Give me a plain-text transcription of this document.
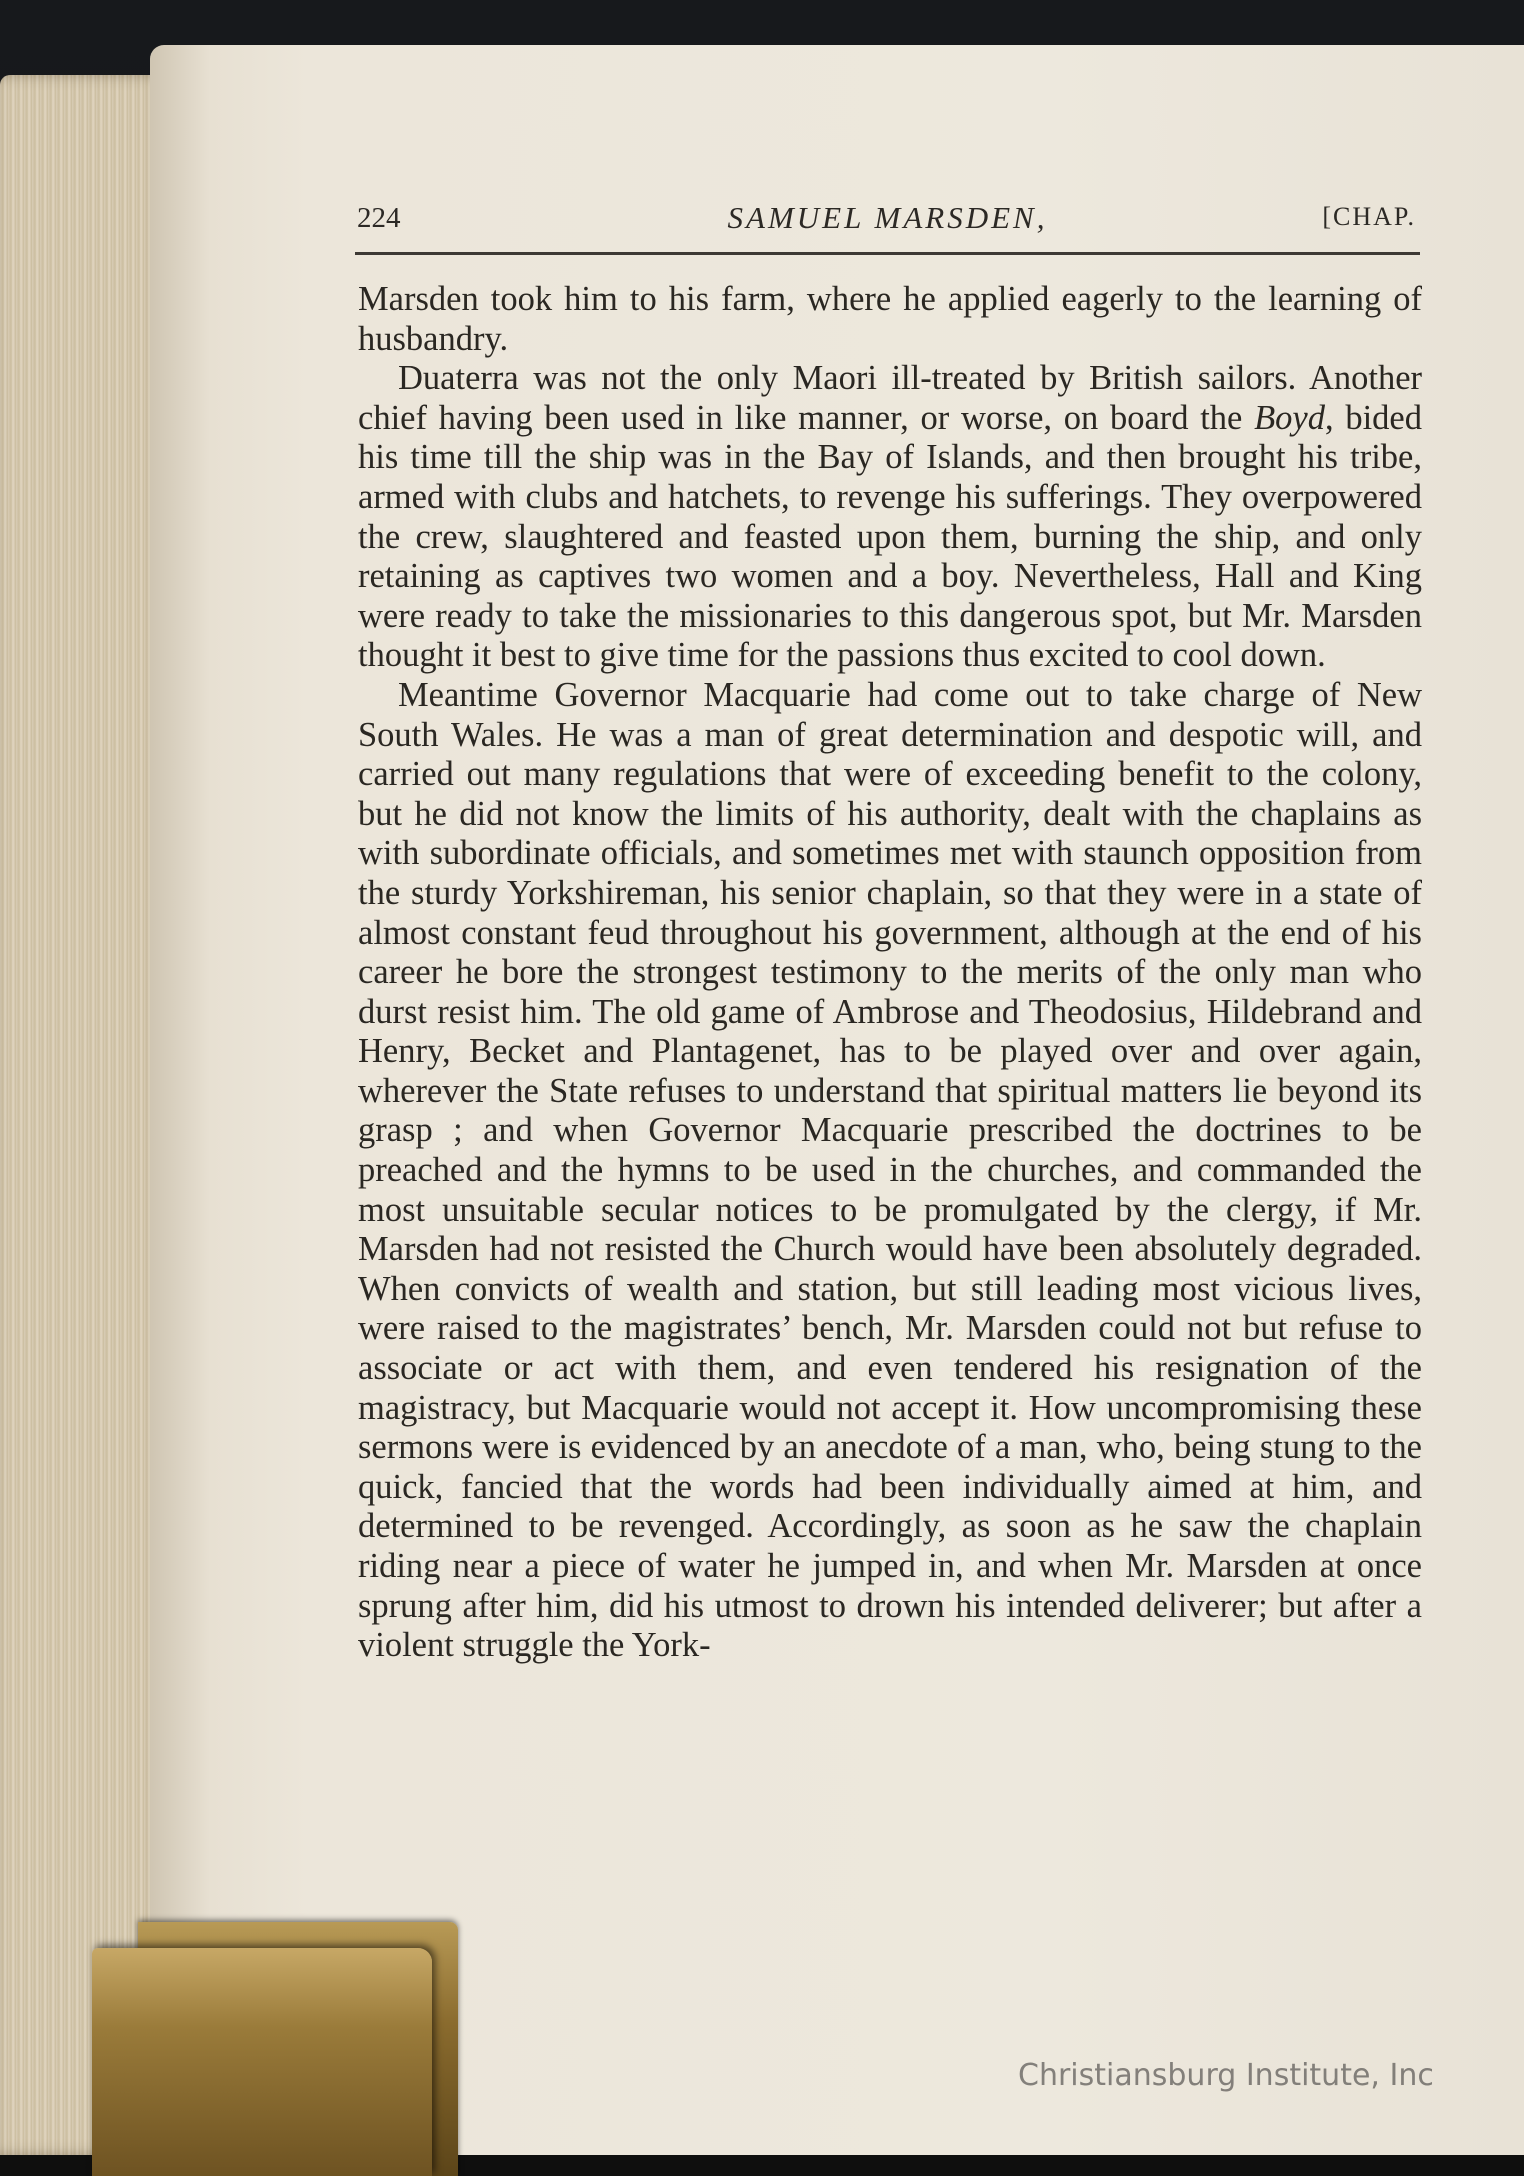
224	SAMUEL MARSDEN,	[CHAP.

Marsden took him to his farm, where he applied eagerly to the learning of husbandry.

Duaterra was not the only Maori ill-treated by British sailors. Another chief having been used in like manner, or worse, on board the Boyd, bided his time till the ship was in the Bay of Islands, and then brought his tribe, armed with clubs and hatchets, to revenge his sufferings. They overpowered the crew, slaughtered and feasted upon them, burning the ship, and only retaining as captives two women and a boy. Nevertheless, Hall and King were ready to take the missionaries to this dangerous spot, but Mr. Marsden thought it best to give time for the passions thus excited to cool down.

Meantime Governor Macquarie had come out to take charge of New South Wales. He was a man of great determination and despotic will, and carried out many regulations that were of exceeding benefit to the colony, but he did not know the limits of his authority, dealt with the chaplains as with subordinate officials, and sometimes met with staunch opposition from the sturdy Yorkshireman, his senior chaplain, so that they were in a state of almost constant feud throughout his government, although at the end of his career he bore the strongest testimony to the merits of the only man who durst resist him. The old game of Ambrose and Theodosius, Hildebrand and Henry, Becket and Plantagenet, has to be played over and over again, wherever the State refuses to understand that spiritual matters lie beyond its grasp ; and when Governor Macquarie prescribed the doctrines to be preached and the hymns to be used in the churches, and commanded the most unsuitable secular notices to be promulgated by the clergy, if Mr. Marsden had not resisted the Church would have been absolutely degraded. When convicts of wealth and station, but still leading most vicious lives, were raised to the magistrates’ bench, Mr. Marsden could not but refuse to associate or act with them, and even tendered his resignation of the magistracy, but Macquarie would not accept it. How uncompromising these sermons were is evidenced by an anecdote of a man, who, being stung to the quick, fancied that the words had been individually aimed at him, and determined to be revenged. Accordingly, as soon as he saw the chaplain riding near a piece of water he jumped in, and when Mr. Marsden at once sprung after him, did his utmost to drown his intended deliverer; but after a violent struggle the York-

Christiansburg Institute, Inc
